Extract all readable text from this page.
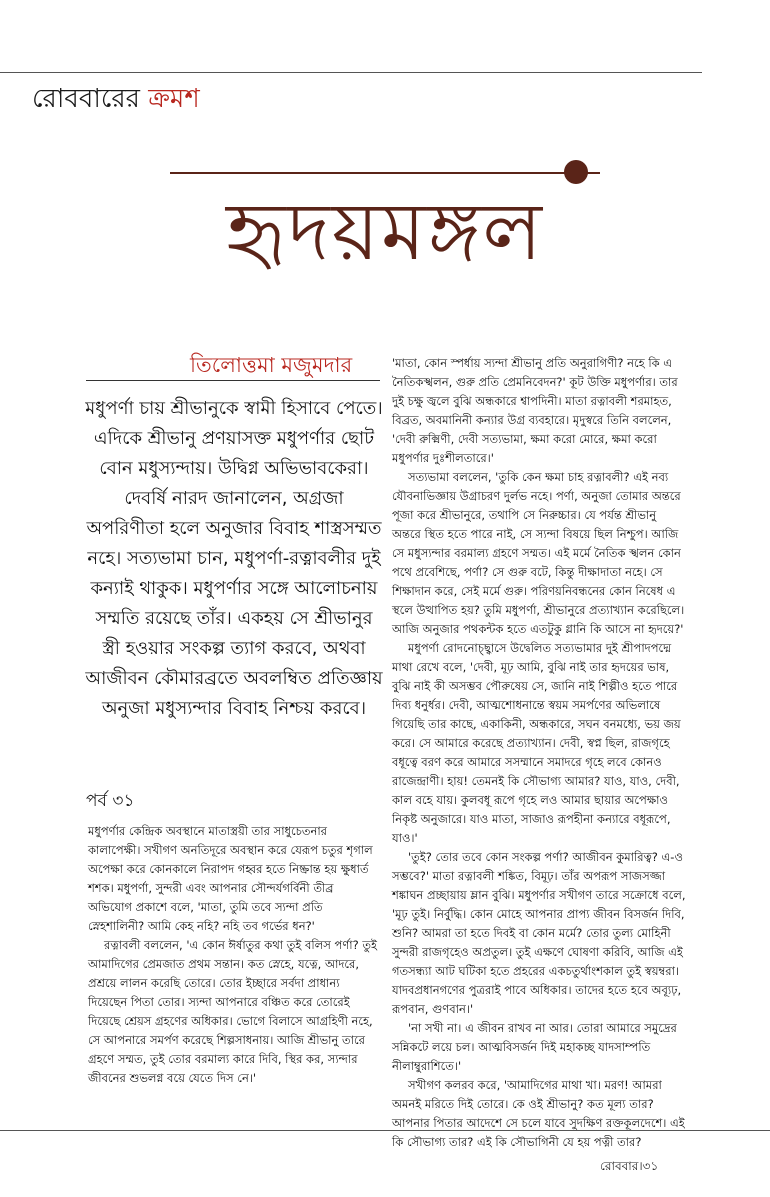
রোববারের ক্রমশ
হৃদয়মঙ্গল
তিলোত্তমা মজুমদার
মধুপর্ণা চায় শ্রীভানুকে স্বামী হিসাবে পেতে। এদিকে শ্রীভানু প্রণয়াসক্ত মধুপর্ণার ছোট বোন মধুস্যন্দায়। উদ্বিগ্ন অভিভাবকেরা। দেবর্ষি নারদ জানালেন, অগ্রজা অপরিণীতা হলে অনুজার বিবাহ শাস্ত্রসম্মত নহে। সত্যভামা চান, মধুপর্ণা-রত্নাবলীর দুই কন্যাই থাকুক। মধুপর্ণার সঙ্গে আলোচনায় সম্মতি রয়েছে তাঁর। একহয় সে শ্রীভানুর স্ত্রী হওয়ার সংকল্প ত্যাগ করবে, অথবা আজীবন কৌমারব্রতে অবলম্বিত প্রতিজ্ঞায় অনুজা মধুস্যন্দার বিবাহ নিশ্চয় করবে।
পর্ব ৩১

মধুপর্ণার কেন্দ্রিক অবস্থানে মাতাস্ত্রয়ী তার সাধুচেতনার কালাপেক্ষী। সখীগণ অনতিদূরে অবস্থান করে যেরূপ চতুর শৃগাল অপেক্ষা করে কোনকালে নিরাপদ গহ্বর হতে নিষ্ক্রান্ত হয় ক্ষুধার্ত শশক। মধুপর্ণা, সুন্দরী এবং আপনার সৌন্দর্যগর্বিনী তীব্র অভিযোগ প্রকাশে বলে, 'মাতা, তুমি তবে স্যন্দা প্রতি স্নেহশালিনী? আমি কেহ নহি? নহি তব গর্ভের ধন?'

রত্নাবলী বললেন, 'এ কোন ঈর্ষাতুর কথা তুই বলিস পর্ণা? তুই আমাদিগের প্রেমজাত প্রথম সন্তান। কত স্নেহে, যত্নে, আদরে, প্রশ্রয়ে লালন করেছি তোরে। তোর ইচ্ছারে সর্বদা প্রাধান্য দিয়েছেন পিতা তোর। স্যন্দা আপনারে বঞ্চিত করে তোরেই দিয়েছে শ্রেয়স গ্রহণের অধিকার। ভোগে বিলাসে আগ্রহিণী নহে, সে আপনারে সমর্পণ করেছে শিল্পসাধনায়। আজি শ্রীভানু তারে গ্রহণে সম্মত, তুই তোর বরমাল্য কারে দিবি, স্থির কর, স্যন্দার জীবনের শুভলগ্ন বয়ে যেতে দিস নে।'

'মাতা, কোন স্পর্ধায় স্যন্দা শ্রীভানু প্রতি অনুরাগিণী? নহে কি এ নৈতিকস্খলন, গুরু প্রতি প্রেমনিবেদন?' কূট উক্তি মধুপর্ণার। তার দুই চক্ষু জ্বলে বুঝি অন্ধকারে শ্বাপদিনী। মাতা রত্নাবলী শরমাহত, বিব্রত, অবমানিনী কন্যার উগ্র ব্যবহারে। মৃদুস্বরে তিনি বললেন, 'দেবী রুক্মিণী, দেবী সত্যভামা, ক্ষমা করো মোরে, ক্ষমা করো মধুপর্ণার দুঃশীলতারে।'

সত্যভামা বললেন, 'তুকি কেন ক্ষমা চাহ রত্নাবলী? এই নব্য যৌবনাভিজ্ঞায় উগ্রাচরণ দুর্লভ নহে। পর্ণা, অনুজা তোমার অন্তরে পূজা করে শ্রীভানুরে, তথাপি সে নিরুচ্চার। যে পর্যন্ত শ্রীভানু অন্তরে স্থিত হতে পারে নাই, সে স্যন্দা বিষয়ে ছিল নিশ্চুপ। আজি সে মধুস্যন্দার বরমাল্য গ্রহণে সম্মত। এই মর্মে নৈতিক স্খলন কোন পথে প্রবেশিছে, পর্ণা? সে গুরু বটে, কিন্তু দীক্ষাদাতা নহে। সে শিক্ষাদান করে, সেই মর্মে গুরু। পরিণয়নিবন্ধনের কোন নিষেধ এ স্থলে উত্থাপিত হয়? তুমি মধুপর্ণা, শ্রীভানুরে প্রত্যাখ্যান করেছিলে। আজি অনুজার পথকন্টক হতে এতটুকু গ্লানি কি আসে না হৃদয়ে?'

মধুপর্ণা রোদনোচ্ছ্বাসে উদ্বেলিত সত্যভামার দুই শ্রীপাদপদ্মে মাথা রেখে বলে, 'দেবী, মূঢ় আমি, বুঝি নাই তার হৃদয়ের ভাষ, বুঝি নাই কী অসম্ভব পৌরুষেয় সে, জানি নাই শিল্পীও হতে পারে দিব্য ধনুর্ধর। দেবী, আত্মশোধনান্তে স্বয়ম সমর্পণের অভিলাষে গিয়েছি তার কাছে, একাকিনী, অন্ধকারে, সঘন বনমধ্যে, ভয় জয় করে। সে আমারে করেছে প্রত্যাখ্যান। দেবী, স্বপ্ন ছিল, রাজগৃহে বধূত্বে বরণ করে আমারে সসম্মানে সমাদরে গৃহে লবে কোনও রাজেন্দ্রাণী। হায়! তেমনই কি সৌভাগ্য আমার? যাও, যাও, দেবী, কাল বহে যায়। কুলবধূ রূপে গৃহে লও আমার ছায়ার অপেক্ষাও নিকৃষ্ট অনুজারে। যাও মাতা, সাজাও রূপহীনা কন্যারে বধূরূপে, যাও।'

'তুই? তোর তবে কোন সংকল্প পর্ণা? আজীবন কুমারিত্ব? এ-ও সম্ভবে?' মাতা রত্নাবলী শঙ্কিত, বিমূঢ়। তাঁর অপরূপ সাজসজ্জা শঙ্কাঘন প্রচ্ছায়ায় ম্লান বুঝি। মধুপর্ণার সখীগণ তারে সক্রোধে বলে, 'মূঢ় তুই। নির্বুদ্ধি। কোন মোহে আপনার প্রাপ্য জীবন বিসর্জন দিবি, শুনি? আমরা তা হতে দিবই বা কোন মর্মে? তোর তুল্য মোহিনী সুন্দরী রাজগৃহেও অপ্রতুল। তুই এক্ষণে ঘোষণা করিবি, আজি এই গতসন্ধ্যা আট ঘটিকা হতে প্রহরের একচতুর্থাংশকাল তুই স্বয়ম্বরা। যাদবপ্রধানগণের পুত্ররাই পাবে অধিকার। তাদের হতে হবে অব্যূঢ়, রূপবান, গুণবান।'

'না সখী না। এ জীবন রাখব না আর। তোরা আমারে সমুদ্রের সন্নিকটে লয়ে চল। আত্মবিসর্জন দিই মহাকচ্ছ যাদসাম্পতি নীলাম্বুরাশিতে।'

সখীগণ কলরব করে, 'আমাদিগের মাথা খা। মরণ! আমরা অমনই মরিতে দিই তোরে। কে ওই শ্রীভানু? কত মূল্য তার? আপনার পিতার আদেশে সে চলে যাবে সুদক্ষিণ রক্তকূলদেশে। এই কি সৌভাগ্য তার? এই কি সৌভাগিনী যে হয় পত্নী তার?

রোববার।৩১
